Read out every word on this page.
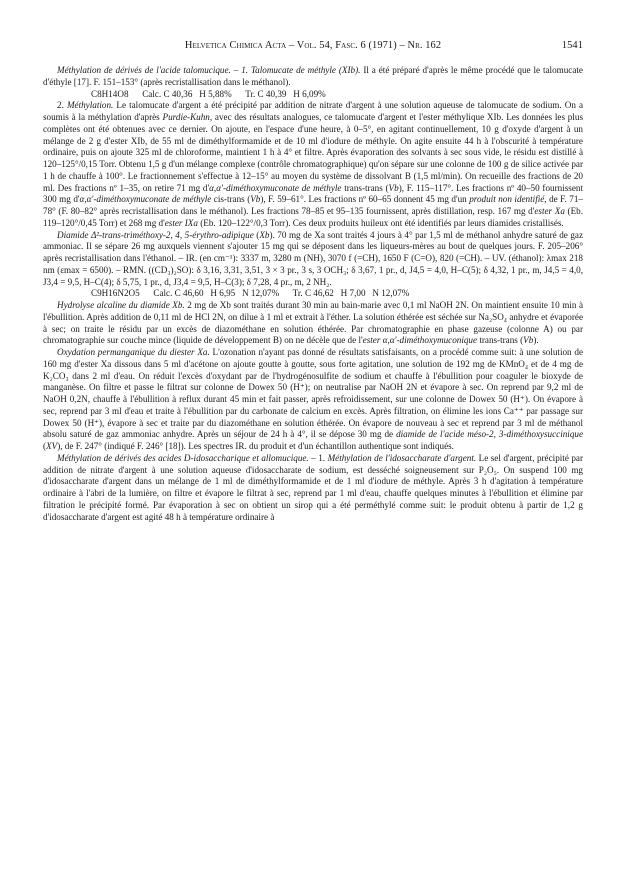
Helvetica Chimica Acta – Vol. 54, Fasc. 6 (1971) – Nr. 162	1541

Méthylation de dérivés de l'acide talomucique. – 1. Talomucate de méthyle (XIb). Il a été préparé d'après le même procédé que le talomucate d'éthyle [17]. F. 151–153° (après recristallisation dans le méthanol).

C8H14O8      Calc. C 40,36   H 5,88%      Tr. C 40,39   H 6,09%

2. Méthylation. Le talomucate d'argent a été précipité par addition de nitrate d'argent à une solution aqueuse de talomucate de sodium. On a soumis à la méthylation d'après Purdie-Kuhn, avec des résultats analogues, ce talomucate d'argent et l'ester méthylique XIb. Les données les plus complètes ont été obtenues avec ce dernier. On ajoute, en l'espace d'une heure, à 0–5°, en agitant continuellement, 10 g d'oxyde d'argent à un mélange de 2 g d'ester XIb, de 55 ml de diméthylformamide et de 10 ml d'iodure de méthyle. On agite ensuite 44 h à l'obscurité à température ordinaire, puis on ajoute 325 ml de chloroforme, maintient 1 h à 4° et filtre. Après évaporation des solvants à sec sous vide, le résidu est distillé à 120–125°/0,15 Torr. Obtenu 1,5 g d'un mélange complexe (contrôle chromatographique) qu'on sépare sur une colonne de 100 g de silice activée par 1 h de chauffe à 100°. Le fractionnement s'effectue à 12–15° au moyen du système de dissolvant B (1,5 ml/min). On recueille des fractions de 20 ml. Des fractions nº 1–35, on retire 71 mg d'α,α'-diméthoxymuconate de méthyle trans-trans (Vb), F. 115–117°. Les fractions nº 40–50 fournissent 300 mg d'α,α'-diméthoxymuconate de méthyle cis-trans (Vb), F. 59–61°. Les fractions nº 60–65 donnent 45 mg d'un produit non identifié, de F. 71–78° (F. 80–82° après recristallisation dans le méthanol). Les fractions 78–85 et 95–135 fournissent, après distillation, resp. 167 mg d'ester Xa (Eb. 119–120°/0,45 Torr) et 268 mg d'ester IXa (Eb. 120–122°/0,3 Torr). Ces deux produits huileux ont été identifiés par leurs diamides cristallisés.

Diamide Δ²-trans-triméthoxy-2, 4, 5-érythro-adipique (Xb). 70 mg de Xa sont traités 4 jours à 4° par 1,5 ml de méthanol anhydre saturé de gaz ammoniac. Il se sépare 26 mg auxquels viennent s'ajouter 15 mg qui se déposent dans les liqueurs-mères au bout de quelques jours. F. 205–206° après recristallisation dans l'éthanol. – IR. (en cm⁻¹): 3337 m, 3280 m (NH), 3070 f (=CH), 1650 F (C=O), 820 (=CH). – UV. (éthanol): λmax 218 nm (εmax = 6500). – RMN. ((CD₃)₂SO): δ 3,16, 3,31, 3,51, 3 × 3 pr., 3 s, 3 OCH₃; δ 3,67, 1 pr., d, J4,5 = 4,0, H–C(5); δ 4,32, 1 pr., m, J4,5 = 4,0, J3,4 = 9,5, H–C(4); δ 5,75, 1 pr., d, J3,4 = 9,5, H–C(3); δ 7,28, 4 pr., m, 2 NH₂.

C9H16N2O5      Calc. C 46,60   H 6,95   N 12,07%      Tr. C 46,62   H 7,00   N 12,07%

Hydrolyse alcaline du diamide Xb. 2 mg de Xb sont traités durant 30 min au bain-marie avec 0,1 ml NaOH 2N. On maintient ensuite 10 min à l'ébullition. Après addition de 0,11 ml de HCl 2N, on dilue à 1 ml et extrait à l'éther. La solution éthérée est séchée sur Na₂SO₄ anhydre et évaporée à sec; on traite le résidu par un excès de diazométhane en solution éthérée. Par chromatographie en phase gazeuse (colonne A) ou par chromatographie sur couche mince (liquide de développement B) on ne décèle que de l'ester α,α'-diméthoxymuconique trans-trans (Vb).

Oxydation permanganique du diester Xa. L'ozonation n'ayant pas donné de résultats satisfaisants, on a procédé comme suit: à une solution de 160 mg d'ester Xa dissous dans 5 ml d'acétone on ajoute goutte à goutte, sous forte agitation, une solution de 192 mg de KMnO₄ et de 4 mg de K₂CO₃ dans 2 ml d'eau. On réduit l'excès d'oxydant par de l'hydrogénosulfite de sodium et chauffe à l'ébullition pour coaguler le bioxyde de manganèse. On filtre et passe le filtrat sur colonne de Dowex 50 (H⁺); on neutralise par NaOH 2N et évapore à sec. On reprend par 9,2 ml de NaOH 0,2N, chauffe à l'ébullition à reflux durant 45 min et fait passer, après refroidissement, sur une colonne de Dowex 50 (H⁺). On évapore à sec, reprend par 3 ml d'eau et traite à l'ébullition par du carbonate de calcium en excès. Après filtration, on élimine les ions Ca⁺⁺ par passage sur Dowex 50 (H⁺), évapore à sec et traite par du diazométhane en solution éthérée. On évapore de nouveau à sec et reprend par 3 ml de méthanol absolu saturé de gaz ammoniac anhydre. Après un séjour de 24 h à 4°, il se dépose 30 mg de diamide de l'acide méso-2, 3-diméthoxysuccinique (XV), de F. 247° (indiqué F. 246° [18]). Les spectres IR. du produit et d'un échantillon authentique sont indiqués.

Méthylation de dérivés des acides D-idosaccharique et allomucique. – 1. Méthylation de l'idosaccharate d'argent. Le sel d'argent, précipité par addition de nitrate d'argent à une solution aqueuse d'idosaccharate de sodium, est desséché soigneusement sur P₂O₅. On suspend 100 mg d'idosaccharate d'argent dans un mélange de 1 ml de diméthylformamide et de 1 ml d'iodure de méthyle. Après 3 h d'agitation à température ordinaire à l'abri de la lumière, on filtre et évapore le filtrat à sec, reprend par 1 ml d'eau, chauffe quelques minutes à l'ébullition et élimine par filtration le précipité formé. Par évaporation à sec on obtient un sirop qui a été perméthylé comme suit: le produit obtenu à partir de 1,2 g d'idosaccharate d'argent est agité 48 h à température ordinaire à
